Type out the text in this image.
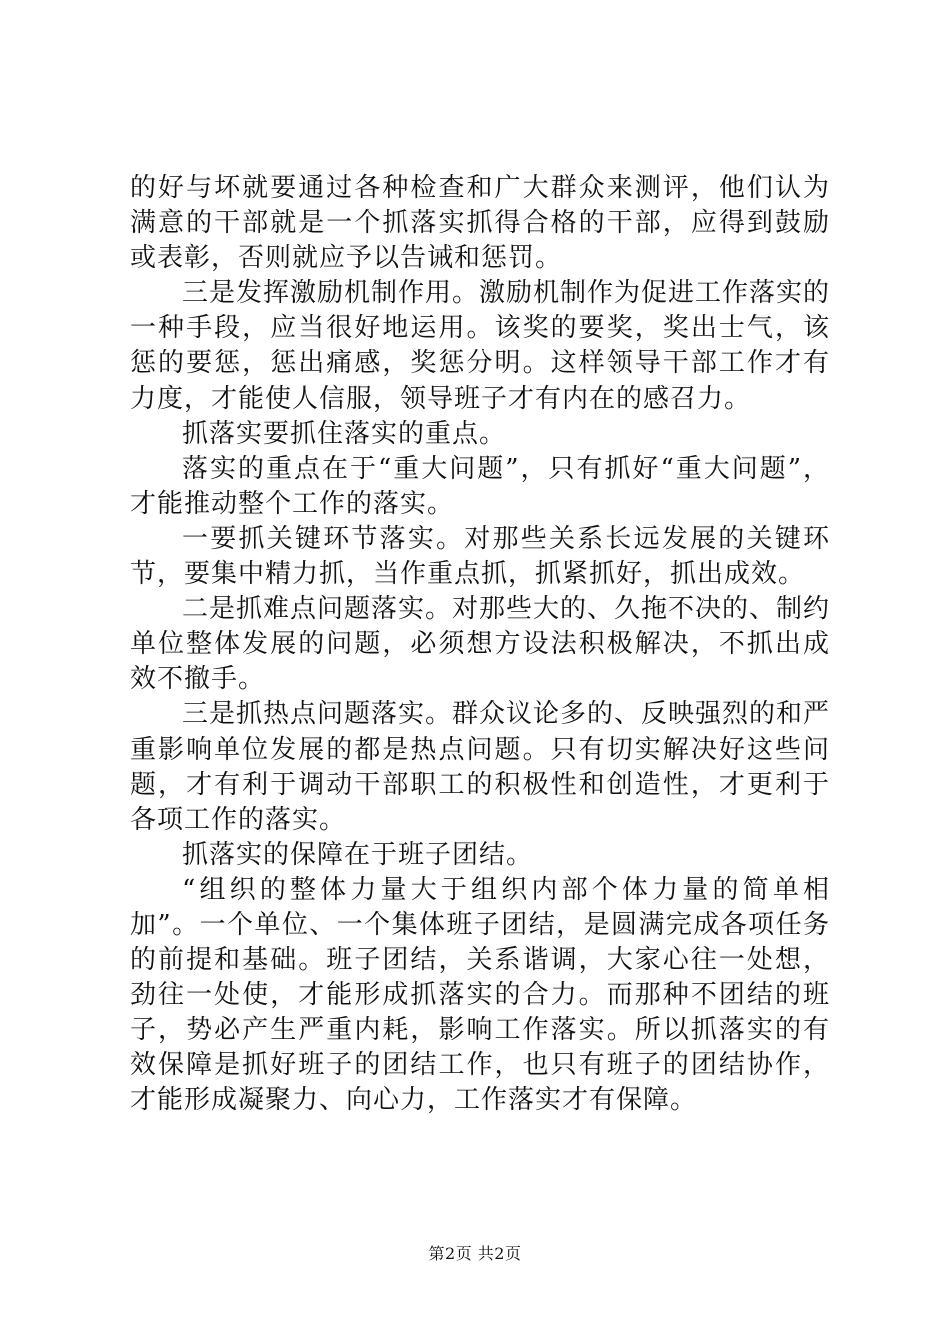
的好与坏就要通过各种检查和广大群众来测评，他们认为满意的干部就是一个抓落实抓得合格的干部，应得到鼓励或表彰，否则就应予以告诫和惩罚。

三是发挥激励机制作用。激励机制作为促进工作落实的一种手段，应当很好地运用。该奖的要奖，奖出士气，该惩的要惩，惩出痛感，奖惩分明。这样领导干部工作才有力度，才能使人信服，领导班子才有内在的感召力。

抓落实要抓住落实的重点。

落实的重点在于“重大问题”，只有抓好“重大问题”，才能推动整个工作的落实。

一要抓关键环节落实。对那些关系长远发展的关键环节，要集中精力抓，当作重点抓，抓紧抓好，抓出成效。

二是抓难点问题落实。对那些大的、久拖不决的、制约单位整体发展的问题，必须想方设法积极解决，不抓出成效不撤手。

三是抓热点问题落实。群众议论多的、反映强烈的和严重影响单位发展的都是热点问题。只有切实解决好这些问题，才有利于调动干部职工的积极性和创造性，才更利于各项工作的落实。

抓落实的保障在于班子团结。

“组织的整体力量大于组织内部个体力量的简单相加”。一个单位、一个集体班子团结，是圆满完成各项任务的前提和基础。班子团结，关系谐调，大家心往一处想，劲往一处使，才能形成抓落实的合力。而那种不团结的班子，势必产生严重内耗，影响工作落实。所以抓落实的有效保障是抓好班子的团结工作，也只有班子的团结协作，才能形成凝聚力、向心力，工作落实才有保障。

第2页 共2页
